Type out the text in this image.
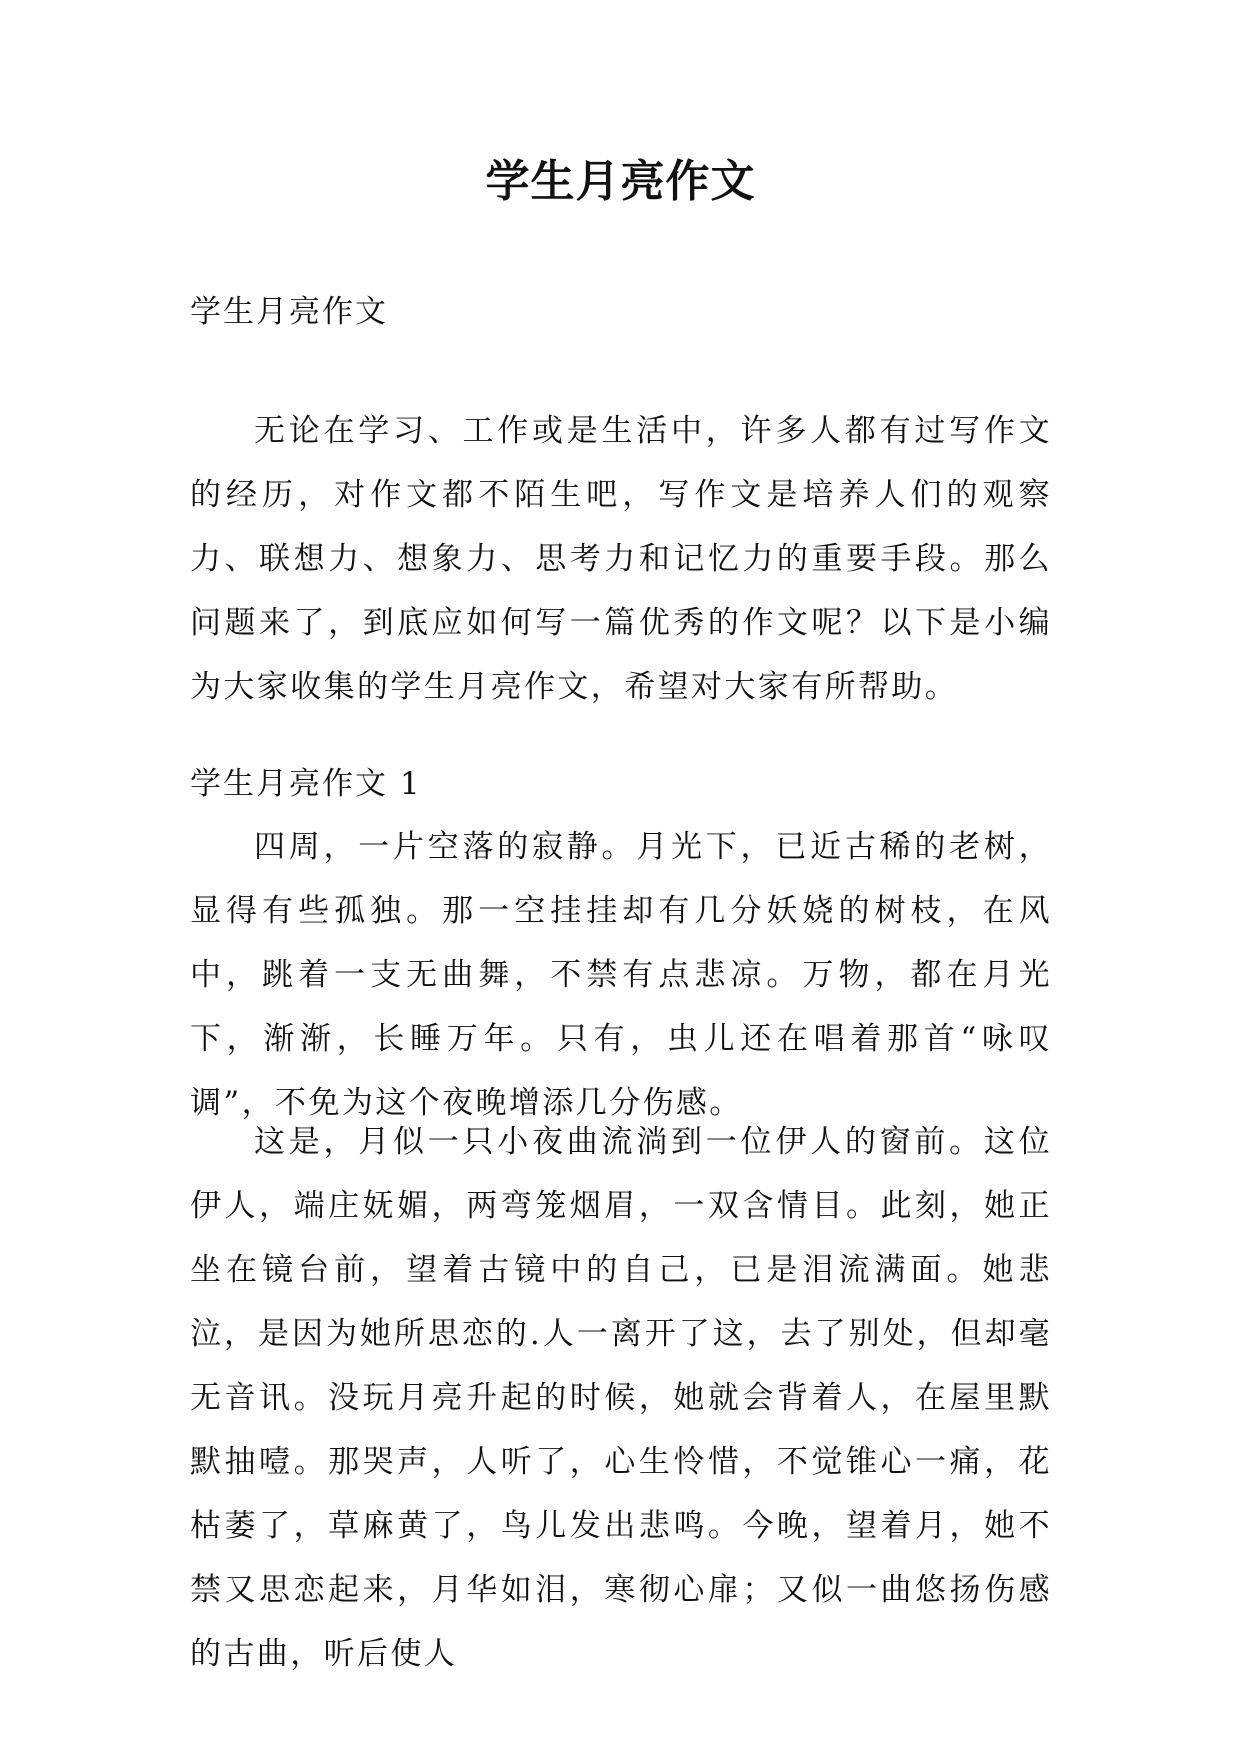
学生月亮作文
学生月亮作文

无论在学习、工作或是生活中，许多人都有过写作文的经历，对作文都不陌生吧，写作文是培养人们的观察力、联想力、想象力、思考力和记忆力的重要手段。那么问题来了，到底应如何写一篇优秀的作文呢？以下是小编为大家收集的学生月亮作文，希望对大家有所帮助。

学生月亮作文 1

四周，一片空落的寂静。月光下，已近古稀的老树，显得有些孤独。那一空挂挂却有几分妖娆的树枝，在风中，跳着一支无曲舞，不禁有点悲凉。万物，都在月光下，渐渐，长睡万年。只有，虫儿还在唱着那首“咏叹调”，不免为这个夜晚增添几分伤感。

这是，月似一只小夜曲流淌到一位伊人的窗前。这位伊人，端庄妩媚，两弯笼烟眉，一双含情目。此刻，她正坐在镜台前，望着古镜中的自己，已是泪流满面。她悲泣，是因为她所思恋的.人一离开了这，去了别处，但却毫无音讯。没玩月亮升起的时候，她就会背着人，在屋里默默抽噎。那哭声，人听了，心生怜惜，不觉锥心一痛，花枯萎了，草麻黄了，鸟儿发出悲鸣。今晚，望着月，她不禁又思恋起来，月华如泪，寒彻心扉；又似一曲悠扬伤感的古曲，听后使人
